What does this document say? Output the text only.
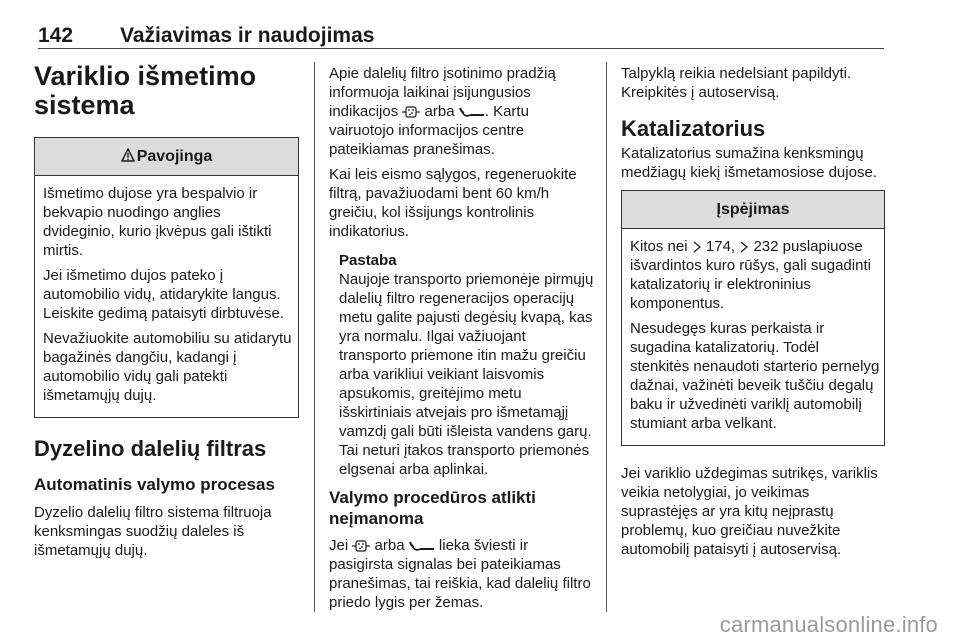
142 Važiavimas ir naudojimas
Variklio išmetimo
sistema
Pavojinga

Išmetimo dujose yra bespalvio ir bekvapio nuodingo anglies dvideginio, kurio įkvėpus gali ištikti mirtis.

Jei išmetimo dujos pateko į automobilio vidų, atidarykite langus. Leiskite gedimą pataisyti dirbtuvėse.

Nevažiuokite automobiliu su atidarytu bagažinės dangčiu, kadangi į automobilio vidų gali patekti išmetamųjų dujų.

Dyzelino dalelių filtras
Automatinis valymo procesas

Dyzelio dalelių filtro sistema filtruoja kenksmingas suodžių daleles iš išmetamųjų dujų.

Apie dalelių filtro įsotinimo pradžią informuoja laikinai įsijungusios indikacijos arba . Kartu vairuotojo informacijos centre pateikiamas pranešimas.

Kai leis eismo sąlygos, regeneruokite filtrą, pavažiuodami bent 60 km/h greičiu, kol išsijungs kontrolinis indikatorius.

Pastaba

Naujoje transporto priemonėje pirmųjų dalelių filtro regeneracijos operacijų metu galite pajusti degėsių kvapą, kas yra normalu. Ilgai važiuojant transporto priemone itin mažu greičiu arba varikliui veikiant laisvomis apsukomis, greitėjimo metu išskirtiniais atvejais pro išmetamąjį vamzdį gali būti išleista vandens garų. Tai neturi įtakos transporto priemonės elgsenai arba aplinkai.

Valymo procedūros atlikti neįmanoma

Jei arba lieka šviesti ir pasigirsta signalas bei pateikiamas pranešimas, tai reiškia, kad dalelių filtro priedo lygis per žemas.

Talpyklą reikia nedelsiant papildyti. Kreipkitės į autoservisą.

Katalizatorius

Katalizatorius sumažina kenksmingų medžiagų kiekį išmetamosiose dujose.

Įspėjimas

Kitos nei 174, 232 puslapiuose išvardintos kuro rūšys, gali sugadinti katalizatorių ir elektroninius komponentus.

Nesudegęs kuras perkaista ir sugadina katalizatorių. Todėl stenkitės nenaudoti starterio pernelyg dažnai, važinėti beveik tuščiu degalų baku ir užvedinėti variklį automobilį stumiant arba velkant.

Jei variklio uždegimas sutrikęs, variklis veikia netolygiai, jo veikimas suprastėjęs ar yra kitų neįprastų problemų, kuo greičiau nuvežkite automobilį pataisyti į autoservisą.

carmanualsonline.info
